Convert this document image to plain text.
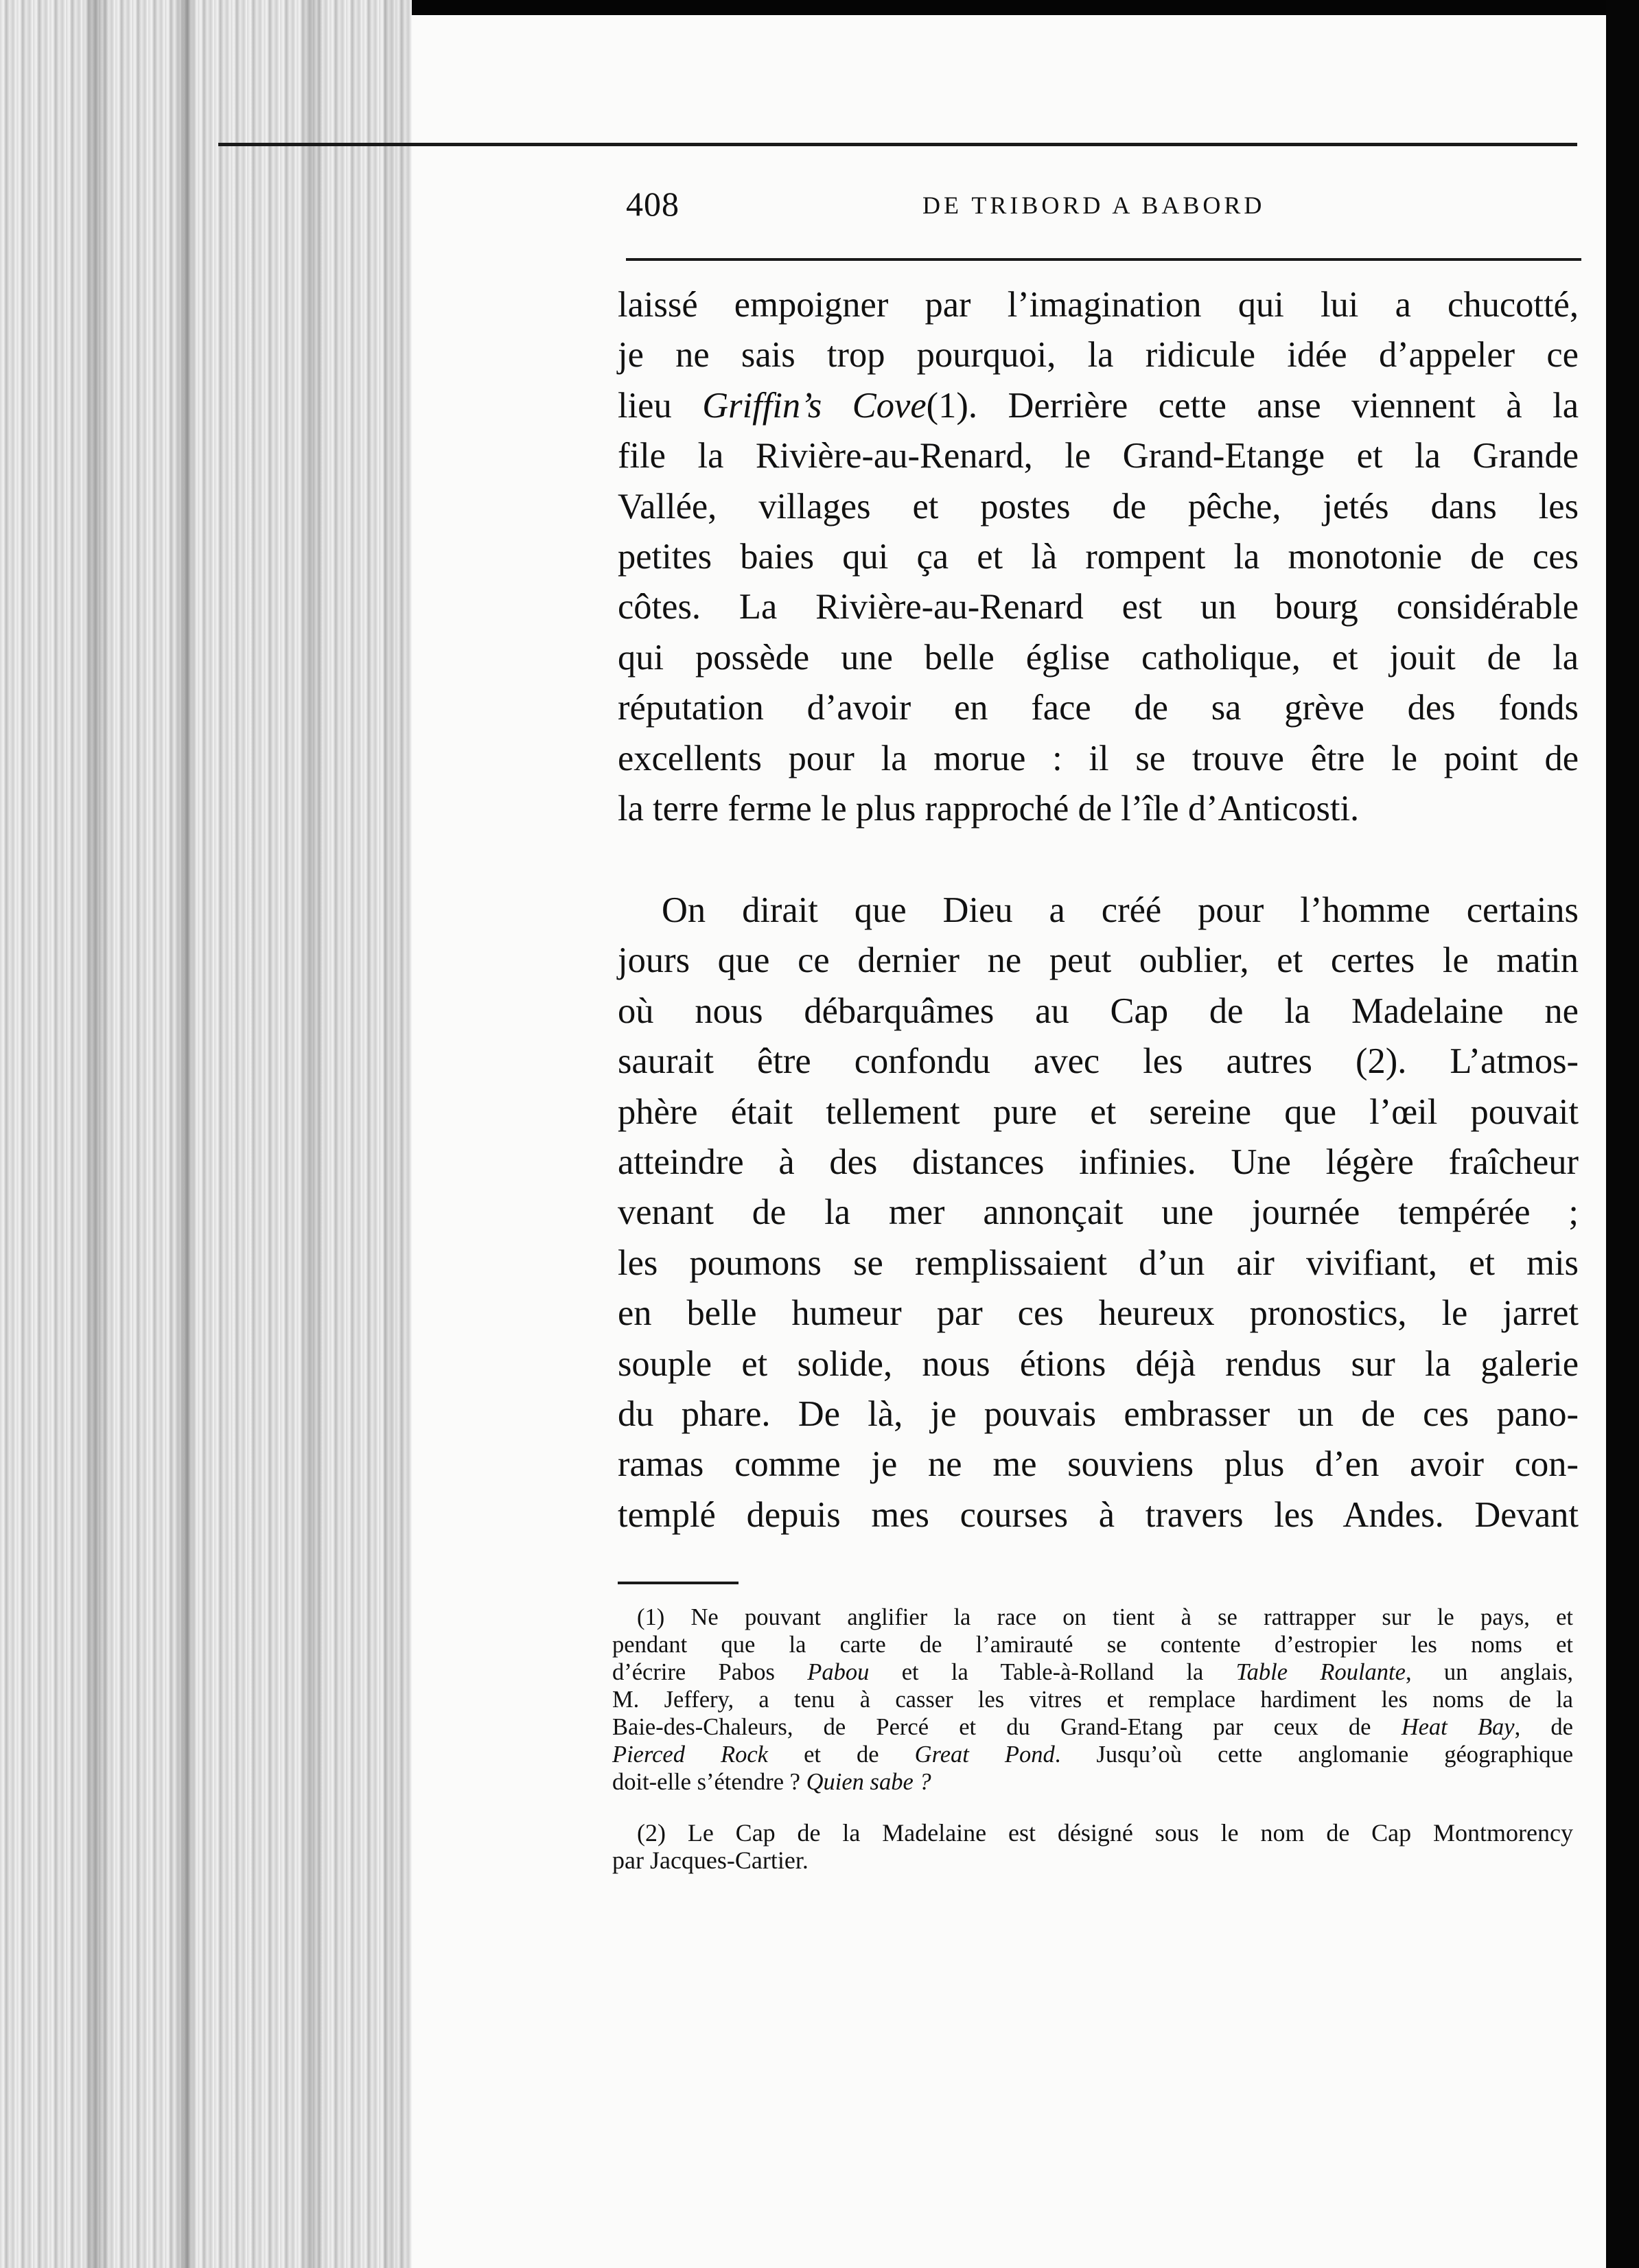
408	DE TRIBORD A BABORD
laissé empoigner par l’imagination qui lui a chucotté,
je ne sais trop pourquoi, la ridicule idée d’appeler ce
lieu Griffin’s Cove(1). Derrière cette anse viennent à la
file la Rivière-au-Renard, le Grand-Etange et la Grande
Vallée, villages et postes de pêche, jetés dans les
petites baies qui ça et là rompent la monotonie de ces
côtes. La Rivière-au-Renard est un bourg considérable
qui possède une belle église catholique, et jouit de la
réputation d’avoir en face de sa grève des fonds
excellents pour la morue : il se trouve être le point de
la terre ferme le plus rapproché de l’île d’Anticosti.
On dirait que Dieu a créé pour l’homme certains
jours que ce dernier ne peut oublier, et certes le matin
où nous débarquâmes au Cap de la Madelaine ne
saurait être confondu avec les autres (2). L’atmos-
phère était tellement pure et sereine que l’œil pouvait
atteindre à des distances infinies. Une légère fraîcheur
venant de la mer annonçait une journée tempérée ;
les poumons se remplissaient d’un air vivifiant, et mis
en belle humeur par ces heureux pronostics, le jarret
souple et solide, nous étions déjà rendus sur la galerie
du phare. De là, je pouvais embrasser un de ces pano-
ramas comme je ne me souviens plus d’en avoir con-
templé depuis mes courses à travers les Andes. Devant
(1) Ne pouvant anglifier la race on tient à se rattrapper sur le pays, et
pendant que la carte de l’amirauté se contente d’estropier les noms et
d’écrire Pabos Pabou et la Table-à-Rolland la Table Roulante, un anglais,
M. Jeffery, a tenu à casser les vitres et remplace hardiment les noms de la
Baie-des-Chaleurs, de Percé et du Grand-Etang par ceux de Heat Bay, de
Pierced Rock et de Great Pond. Jusqu’où cette anglomanie géographique
doit-elle s’étendre ? Quien sabe ?
(2) Le Cap de la Madelaine est désigné sous le nom de Cap Montmorency
par Jacques-Cartier.
